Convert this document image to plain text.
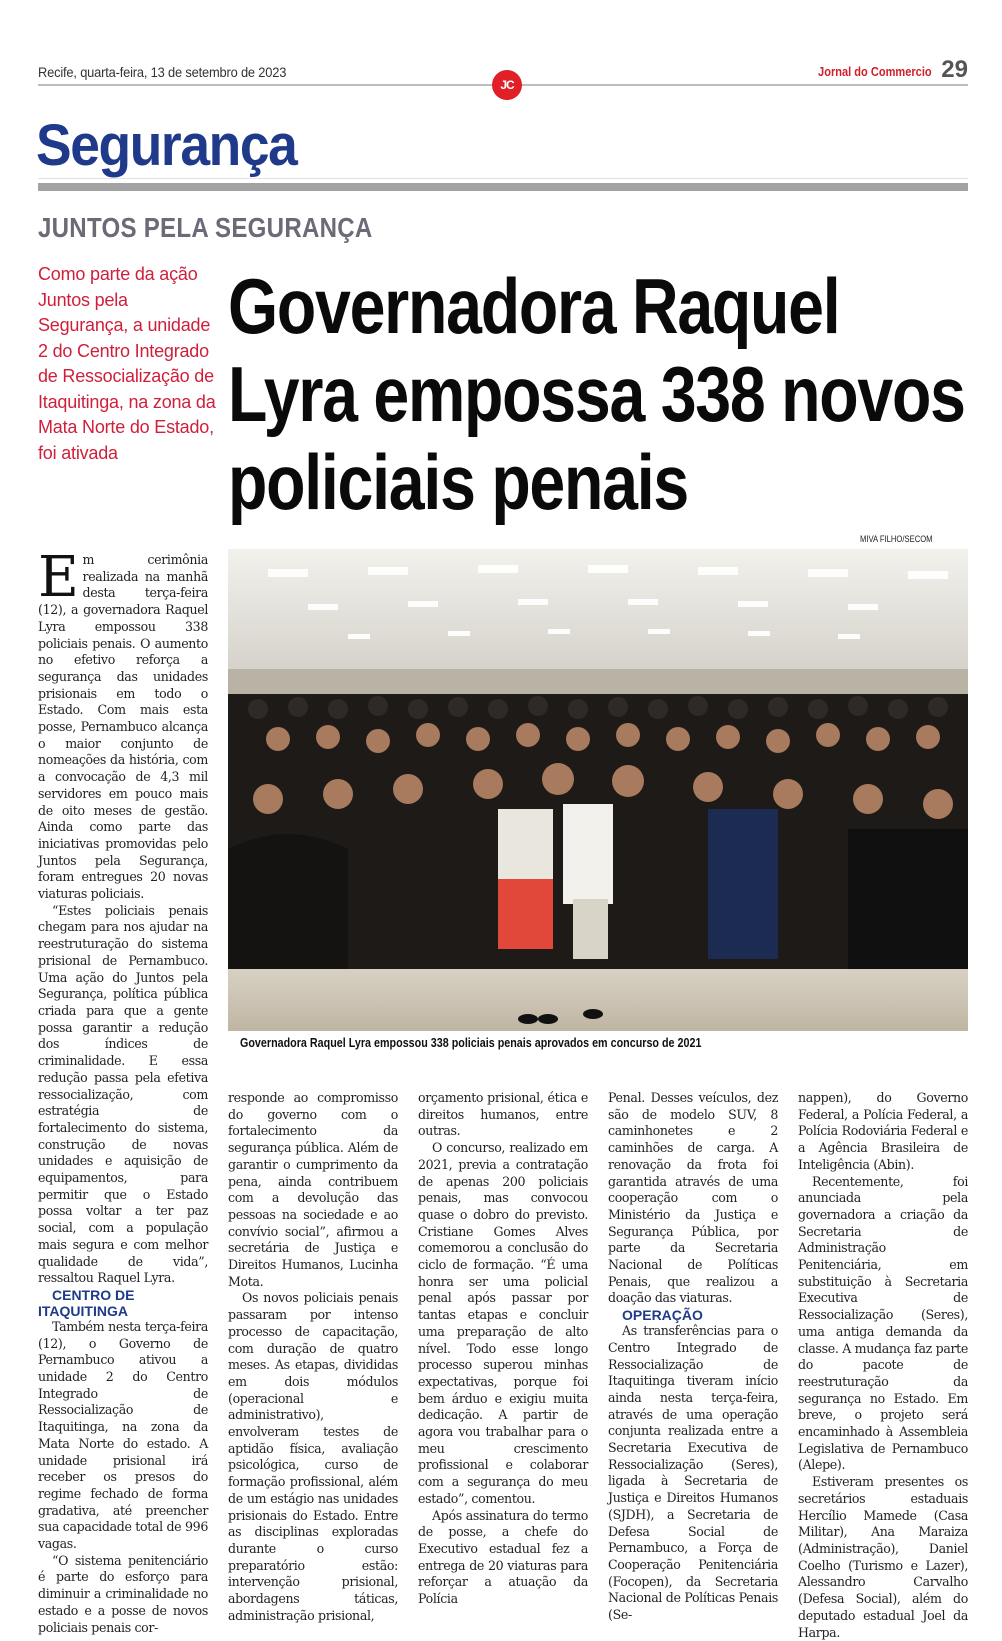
Recife, quarta-feira, 13 de setembro de 2023
JC
Jornal do Commercio 29
Segurança
JUNTOS PELA SEGURANÇA
Como parte da ação Juntos pela Segurança, a unidade 2 do Centro Integrado de Ressocialização de Itaquitinga, na zona da Mata Norte do Estado, foi ativada
Governadora Raquel Lyra empossa 338 novos policiais penais
MIVA FILHO/SECOM
Governadora Raquel Lyra empossou 338 policiais penais aprovados em concurso de 2021

Em cerimônia realizada na manhã desta terça-feira (12), a governadora Raquel Lyra empossou 338 policiais penais. O aumento no efetivo reforça a segurança das unidades prisionais em todo o Estado. Com mais esta posse, Pernambuco alcança o maior conjunto de nomeações da história, com a convocação de 4,3 mil servidores em pouco mais de oito meses de gestão. Ainda como parte das iniciativas promovidas pelo Juntos pela Segurança, foram entregues 20 novas viaturas policiais.

“Estes policiais penais chegam para nos ajudar na reestruturação do sistema prisional de Pernambuco. Uma ação do Juntos pela Segurança, política pública criada para que a gente possa garantir a redução dos índices de criminalidade. E essa redução passa pela efetiva ressocialização, com estratégia de fortalecimento do sistema, construção de novas unidades e aquisição de equipamentos, para permitir que o Estado possa voltar a ter paz social, com a população mais segura e com melhor qualidade de vida”, ressaltou Raquel Lyra.

CENTRO DE ITAQUITINGA

Também nesta terça-feira (12), o Governo de Pernambuco ativou a unidade 2 do Centro Integrado de Ressocialização de Itaquitinga, na zona da Mata Norte do estado. A unidade prisional irá receber os presos do regime fechado de forma gradativa, até preencher sua capacidade total de 996 vagas.

“O sistema penitenciário é parte do esforço para diminuir a criminalidade no estado e a posse de novos policiais penais cor-

responde ao compromisso do governo com o fortalecimento da segurança pública. Além de garantir o cumprimento da pena, ainda contribuem com a devolução das pessoas na sociedade e ao convívio social”, afirmou a secretária de Justiça e Direitos Humanos, Lucinha Mota.

Os novos policiais penais passaram por intenso processo de capacitação, com duração de quatro meses. As etapas, divididas em dois módulos (operacional e administrativo), envolveram testes de aptidão física, avaliação psicológica, curso de formação profissional, além de um estágio nas unidades prisionais do Estado. Entre as disciplinas exploradas durante o curso preparatório estão: intervenção prisional, abordagens táticas, administração prisional,

orçamento prisional, ética e direitos humanos, entre outras.

O concurso, realizado em 2021, previa a contratação de apenas 200 policiais penais, mas convocou quase o dobro do previsto. Cristiane Gomes Alves comemorou a conclusão do ciclo de formação. “É uma honra ser uma policial penal após passar por tantas etapas e concluir uma preparação de alto nível. Todo esse longo processo superou minhas expectativas, porque foi bem árduo e exigiu muita dedicação. A partir de agora vou trabalhar para o meu crescimento profissional e colaborar com a segurança do meu estado”, comentou.

Após assinatura do termo de posse, a chefe do Executivo estadual fez a entrega de 20 viaturas para reforçar a atuação da Polícia

Penal. Desses veículos, dez são de modelo SUV, 8 caminhonetes e 2 caminhões de carga. A renovação da frota foi garantida através de uma cooperação com o Ministério da Justiça e Segurança Pública, por parte da Secretaria Nacional de Políticas Penais, que realizou a doação das viaturas.

OPERAÇÃO

As transferências para o Centro Integrado de Ressocialização de Itaquitinga tiveram início ainda nesta terça-feira, através de uma operação conjunta realizada entre a Secretaria Executiva de Ressocialização (Seres), ligada à Secretaria de Justiça e Direitos Humanos (SJDH), a Secretaria de Defesa Social de Pernambuco, a Força de Cooperação Penitenciária (Focopen), da Secretaria Nacional de Políticas Penais (Se-

nappen), do Governo Federal, a Polícia Federal, a Polícia Rodoviária Federal e a Agência Brasileira de Inteligência (Abin).

Recentemente, foi anunciada pela governadora a criação da Secretaria de Administração Penitenciária, em substituição à Secretaria Executiva de Ressocialização (Seres), uma antiga demanda da classe. A mudança faz parte do pacote de reestruturação da segurança no Estado. Em breve, o projeto será encaminhado à Assembleia Legislativa de Pernambuco (Alepe).

Estiveram presentes os secretários estaduais Hercílio Mamede (Casa Militar), Ana Maraiza (Administração), Daniel Coelho (Turismo e Lazer), Alessandro Carvalho (Defesa Social), além do deputado estadual Joel da Harpa.
